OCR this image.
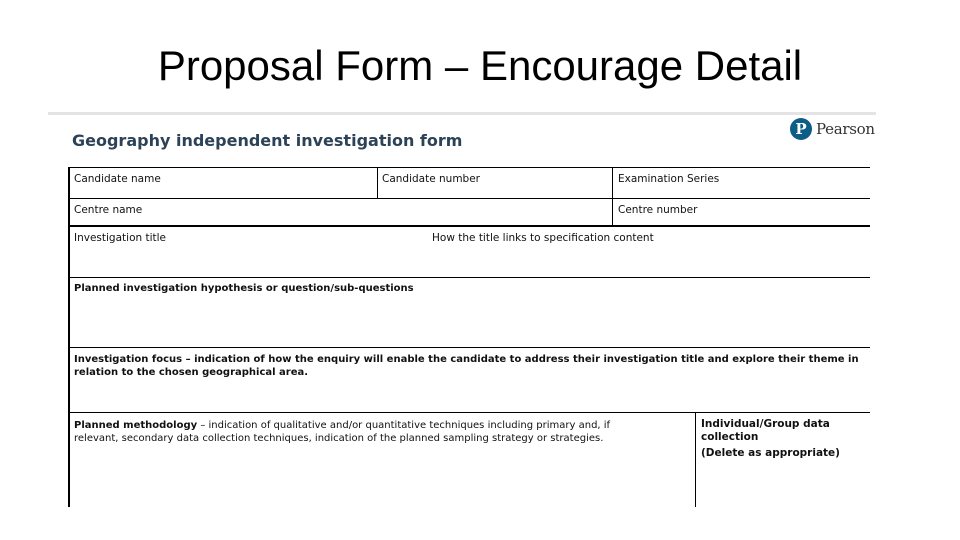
Proposal Form – Encourage Detail
Geography independent investigation form
P Pearson

Candidate name	Candidate number	Examination Series

Centre name	Centre number

Investigation title	How the title links to specification content

Planned investigation hypothesis or question/sub-questions

Investigation focus – indication of how the enquiry will enable the candidate to address their investigation title and explore their theme in relation to the chosen geographical area.

Planned methodology – indication of qualitative and/or quantitative techniques including primary and, if relevant, secondary data collection techniques, indication of the planned sampling strategy or strategies.

Individual/Group data collection

(Delete as appropriate)
